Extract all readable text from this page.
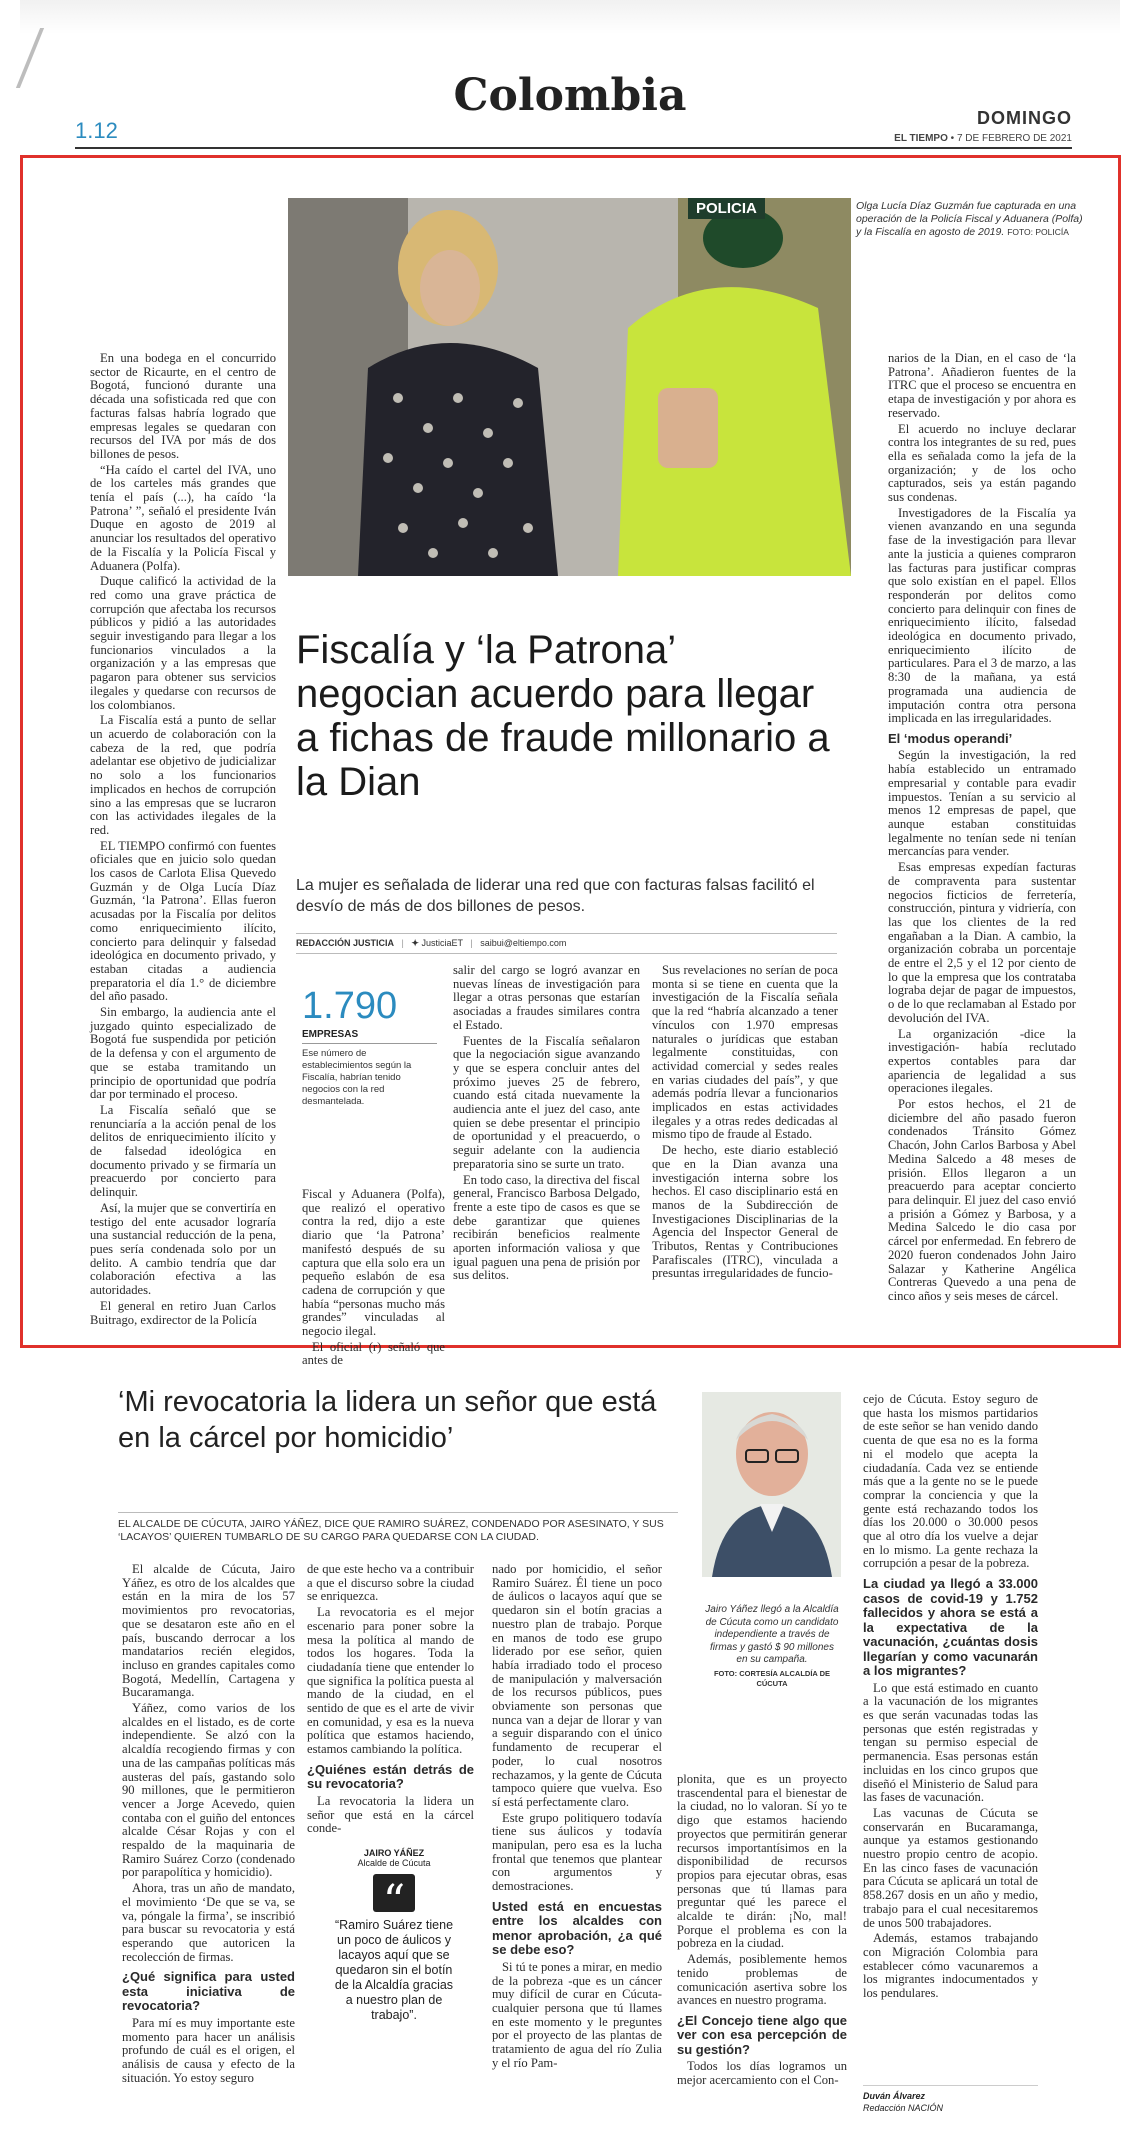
1.12
Colombia	DOMINGO
EL TIEMPO • 7 DE FEBRERO DE 2021
POLICIA	Olga Lucía Díaz Guzmán fue capturada en una operación de la Policía Fiscal y Aduanera (Polfa) y la Fiscalía en agosto de 2019. FOTO: POLICÍA
Fiscalía y ‘la Patrona’ negocian acuerdo para llegar a fichas de fraude millonario a la Dian
La mujer es señalada de liderar una red que con facturas falsas facilitó el desvío de más de dos billones de pesos.
REDACCIÓN JUSTICIA | ✦ JusticiaET | saibui@eltiempo.com
1.790
EMPRESAS
Ese número de establecimientos según la Fiscalía, habrían tenido negocios con la red desmantelada.

En una bodega en el concurrido sector de Ricaurte, en el centro de Bogotá, funcionó durante una década una sofisticada red que con facturas falsas habría logrado que empresas legales se quedaran con recursos del IVA por más de dos billones de pesos.

“Ha caído el cartel del IVA, uno de los carteles más grandes que tenía el país (...), ha caído ‘la Patrona’ ”, señaló el presidente Iván Duque en agosto de 2019 al anunciar los resultados del operativo de la Fiscalía y la Policía Fiscal y Aduanera (Polfa).

Duque calificó la actividad de la red como una grave práctica de corrupción que afectaba los recursos públicos y pidió a las autoridades seguir investigando para llegar a los funcionarios vinculados a la organización y a las empresas que pagaron para obtener sus servicios ilegales y quedarse con recursos de los colombianos.

La Fiscalía está a punto de sellar un acuerdo de colaboración con la cabeza de la red, que podría adelantar ese objetivo de judicializar no solo a los funcionarios implicados en hechos de corrupción sino a las empresas que se lucraron con las actividades ilegales de la red.

EL TIEMPO confirmó con fuentes oficiales que en juicio solo quedan los casos de Carlota Elisa Quevedo Guzmán y de Olga Lucía Díaz Guzmán, ‘la Patrona’. Ellas fueron acusadas por la Fiscalía por delitos como enriquecimiento ilícito, concierto para delinquir y falsedad ideológica en documento privado, y estaban citadas a audiencia preparatoria el día 1.° de diciembre del año pasado.

Sin embargo, la audiencia ante el juzgado quinto especializado de Bogotá fue suspendida por petición de la defensa y con el argumento de que se estaba tramitando un principio de oportunidad que podría dar por terminado el proceso.

La Fiscalía señaló que se renunciaría a la acción penal de los delitos de enriquecimiento ilícito y de falsedad ideológica en documento privado y se firmaría un preacuerdo por concierto para delinquir.

Así, la mujer que se convertiría en testigo del ente acusador lograría una sustancial reducción de la pena, pues sería condenada solo por un delito. A cambio tendría que dar colaboración efectiva a las autoridades.

El general en retiro Juan Carlos Buitrago, exdirector de la Policía

Fiscal y Aduanera (Polfa), que realizó el operativo contra la red, dijo a este diario que ‘la Patrona’ manifestó después de su captura que ella solo era un pequeño eslabón de esa cadena de corrupción y que había “personas mucho más grandes” vinculadas al negocio ilegal.

El oficial (r) señaló que antes de

salir del cargo se logró avanzar en nuevas líneas de investigación para llegar a otras personas que estarían asociadas a fraudes similares contra el Estado.

Fuentes de la Fiscalía señalaron que la negociación sigue avanzando y que se espera concluir antes del próximo jueves 25 de febrero, cuando está citada nuevamente la audiencia ante el juez del caso, ante quien se debe presentar el principio de oportunidad y el preacuerdo, o seguir adelante con la audiencia preparatoria sino se surte un trato.

En todo caso, la directiva del fiscal general, Francisco Barbosa Delgado, frente a este tipo de casos es que se debe garantizar que quienes recibirán beneficios realmente aporten información valiosa y que igual paguen una pena de prisión por sus delitos.

Sus revelaciones no serían de poca monta si se tiene en cuenta que la investigación de la Fiscalía señala que la red “habría alcanzado a tener vínculos con 1.970 empresas naturales o jurídicas que estaban legalmente constituidas, con actividad comercial y sedes reales en varias ciudades del país”, y que además podría llevar a funcionarios implicados en estas actividades ilegales y a otras redes dedicadas al mismo tipo de fraude al Estado.

De hecho, este diario estableció que en la Dian avanza una investigación interna sobre los hechos. El caso disciplinario está en manos de la Subdirección de Investigaciones Disciplinarias de la Agencia del Inspector General de Tributos, Rentas y Contribuciones Parafiscales (ITRC), vinculada a presuntas irregularidades de funcio-

narios de la Dian, en el caso de ‘la Patrona’. Añadieron fuentes de la ITRC que el proceso se encuentra en etapa de investigación y por ahora es reservado.

El acuerdo no incluye declarar contra los integrantes de su red, pues ella es señalada como la jefa de la organización; y de los ocho capturados, seis ya están pagando sus condenas.

Investigadores de la Fiscalía ya vienen avanzando en una segunda fase de la investigación para llevar ante la justicia a quienes compraron las facturas para justificar compras que solo existían en el papel. Ellos responderán por delitos como concierto para delinquir con fines de enriquecimiento ilícito, falsedad ideológica en documento privado, enriquecimiento ilícito de particulares. Para el 3 de marzo, a las 8:30 de la mañana, ya está programada una audiencia de imputación contra otra persona implicada en las irregularidades.

El ‘modus operandi’

Según la investigación, la red había establecido un entramado empresarial y contable para evadir impuestos. Tenían a su servicio al menos 12 empresas de papel, que aunque estaban constituidas legalmente no tenían sede ni tenían mercancías para vender.

Esas empresas expedían facturas de compraventa para sustentar negocios ficticios de ferretería, construcción, pintura y vidriería, con las que los clientes de la red engañaban a la Dian. A cambio, la organización cobraba un porcentaje de entre el 2,5 y el 12 por ciento de lo que la empresa que los contrataba lograba dejar de pagar de impuestos, o de lo que reclamaban al Estado por devolución del IVA.

La organización -dice la investigación- había reclutado expertos contables para dar apariencia de legalidad a sus operaciones ilegales.

Por estos hechos, el 21 de diciembre del año pasado fueron condenados Tránsito Gómez Chacón, John Carlos Barbosa y Abel Medina Salcedo a 48 meses de prisión. Ellos llegaron a un preacuerdo para aceptar concierto para delinquir. El juez del caso envió a prisión a Gómez y Barbosa, y a Medina Salcedo le dio casa por cárcel por enfermedad. En febrero de 2020 fueron condenados John Jairo Salazar y Katherine Angélica Contreras Quevedo a una pena de cinco años y seis meses de cárcel.

‘Mi revocatoria la lidera un señor que está en la cárcel por homicidio’
EL ALCALDE DE CÚCUTA, JAIRO YÁÑEZ, DICE QUE RAMIRO SUÁREZ, CONDENADO POR ASESINATO, Y SUS ‘LACAYOS’ QUIEREN TUMBARLO DE SU CARGO PARA QUEDARSE CON LA CIUDAD.

El alcalde de Cúcuta, Jairo Yáñez, es otro de los alcaldes que están en la mira de los 57 movimientos pro revocatorias, que se desataron este año en el país, buscando derrocar a los mandatarios recién elegidos, incluso en grandes capitales como Bogotá, Medellín, Cartagena y Bucaramanga.

Yáñez, como varios de los alcaldes en el listado, es de corte independiente. Se alzó con la alcaldía recogiendo firmas y con una de las campañas políticas más austeras del país, gastando solo 90 millones, que le permitieron vencer a Jorge Acevedo, quien contaba con el guiño del entonces alcalde César Rojas y con el respaldo de la maquinaria de Ramiro Suárez Corzo (condenado por parapolítica y homicidio).

Ahora, tras un año de mandato, el movimiento ‘De que se va, se va, póngale la firma’, se inscribió para buscar su revocatoria y está esperando que autoricen la recolección de firmas.

¿Qué significa para usted esta iniciativa de revocatoria?

Para mí es muy importante este momento para hacer un análisis profundo de cuál es el origen, el análisis de causa y efecto de la situación. Yo estoy seguro

de que este hecho va a contribuir a que el discurso sobre la ciudad se enriquezca.

La revocatoria es el mejor escenario para poner sobre la mesa la política al mando de todos los hogares. Toda la ciudadanía tiene que entender lo que significa la política puesta al mando de la ciudad, en el sentido de que es el arte de vivir en comunidad, y esa es la nueva política que estamos haciendo, estamos cambiando la política.

¿Quiénes están detrás de su revocatoria?

La revocatoria la lidera un señor que está en la cárcel conde-

JAIRO YÁÑEZ
Alcalde de Cúcuta
“
“Ramiro Suárez tiene un poco de áulicos y lacayos aquí que se quedaron sin el botín de la Alcaldía gracias a nuestro plan de trabajo”.

nado por homicidio, el señor Ramiro Suárez. Él tiene un poco de áulicos o lacayos aquí que se quedaron sin el botín gracias a nuestro plan de trabajo. Porque en manos de todo ese grupo liderado por ese señor, quien había irradiado todo el proceso de manipulación y malversación de los recursos públicos, pues obviamente son personas que nunca van a dejar de llorar y van a seguir disparando con el único fundamento de recuperar el poder, lo cual nosotros rechazamos, y la gente de Cúcuta tampoco quiere que vuelva. Eso sí está perfectamente claro.

Este grupo politiquero todavía tiene sus áulicos y todavía manipulan, pero esa es la lucha frontal que tenemos que plantear con argumentos y demostraciones.

Usted está en encuestas entre los alcaldes con menor aprobación, ¿a qué se debe eso?

Si tú te pones a mirar, en medio de la pobreza -que es un cáncer muy difícil de curar en Cúcuta- cualquier persona que tú llames en este momento y le preguntes por el proyecto de las plantas de tratamiento de agua del río Zulia y el río Pam-

Jairo Yáñez llegó a la Alcaldía de Cúcuta como un candidato independiente a través de firmas y gastó $ 90 millones en su campaña.
FOTO: CORTESÍA ALCALDÍA DE CÚCUTA

plonita, que es un proyecto trascendental para el bienestar de la ciudad, no lo valoran. Sí yo te digo que estamos haciendo proyectos que permitirán generar recursos importantísimos en la disponibilidad de recursos propios para ejecutar obras, esas personas que tú llamas para preguntar qué les parece el alcalde te dirán: ¡No, mal! Porque el problema es con la pobreza en la ciudad.

Además, posiblemente hemos tenido problemas de comunicación asertiva sobre los avances en nuestro programa.

¿El Concejo tiene algo que ver con esa percepción de su gestión?

Todos los días logramos un mejor acercamiento con el Con-

cejo de Cúcuta. Estoy seguro de que hasta los mismos partidarios de este señor se han venido dando cuenta de que esa no es la forma ni el modelo que acepta la ciudadanía. Cada vez se entiende más que a la gente no se le puede comprar la conciencia y que la gente está rechazando todos los días los 20.000 o 30.000 pesos que al otro día los vuelve a dejar en lo mismo. La gente rechaza la corrupción a pesar de la pobreza.

La ciudad ya llegó a 33.000 casos de covid-19 y 1.752 fallecidos y ahora se está a la expectativa de la vacunación, ¿cuántas dosis llegarían y como vacunarán a los migrantes?

Lo que está estimado en cuanto a la vacunación de los migrantes es que serán vacunadas todas las personas que estén registradas y tengan su permiso especial de permanencia. Esas personas están incluidas en los cinco grupos que diseñó el Ministerio de Salud para las fases de vacunación.

Las vacunas de Cúcuta se conservarán en Bucaramanga, aunque ya estamos gestionando nuestro propio centro de acopio. En las cinco fases de vacunación para Cúcuta se aplicará un total de 858.267 dosis en un año y medio, trabajo para el cual necesitaremos de unos 500 trabajadores.

Además, estamos trabajando con Migración Colombia para establecer cómo vacunaremos a los migrantes indocumentados y los pendulares.

Duván Álvarez
Redacción NACIÓN
